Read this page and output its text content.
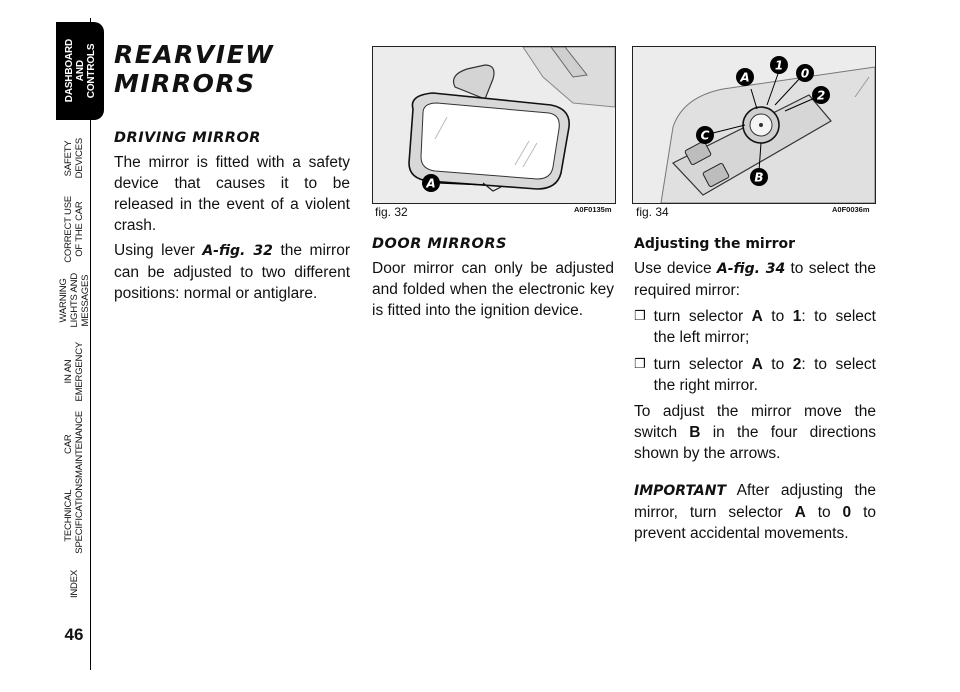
DASHBOARD
AND
CONTROLS
SAFETY
DEVICES
CORRECT USE
OF THE CAR
WARNING
LIGHTS AND
MESSAGES
IN AN
EMERGENCY
CAR
MAINTENANCE
TECHNICAL
SPECIFICATIONS
INDEX
46
REARVIEW
MIRRORS
DRIVING MIRROR

The mirror is fitted with a safety device that causes it to be released in the event of a violent crash.

Using lever A-fig. 32 the mirror can be adjusted to two different positions: normal or antiglare.

A
fig. 32	A0F0135m
DOOR MIRRORS

Door mirror can only be adjusted and folded when the electronic key is fitted into the ignition device.

A
1
0
2
C
B
fig. 34	A0F0036m
Adjusting the mirror

Use device A-fig. 34 to select the required mirror:

❒ turn selector A to 1: to select the left mirror;

❒ turn selector A to 2: to select the right mirror.

To adjust the mirror move the switch B in the four directions shown by the arrows.

IMPORTANT After adjusting the mirror, turn selector A to 0 to prevent accidental movements.
